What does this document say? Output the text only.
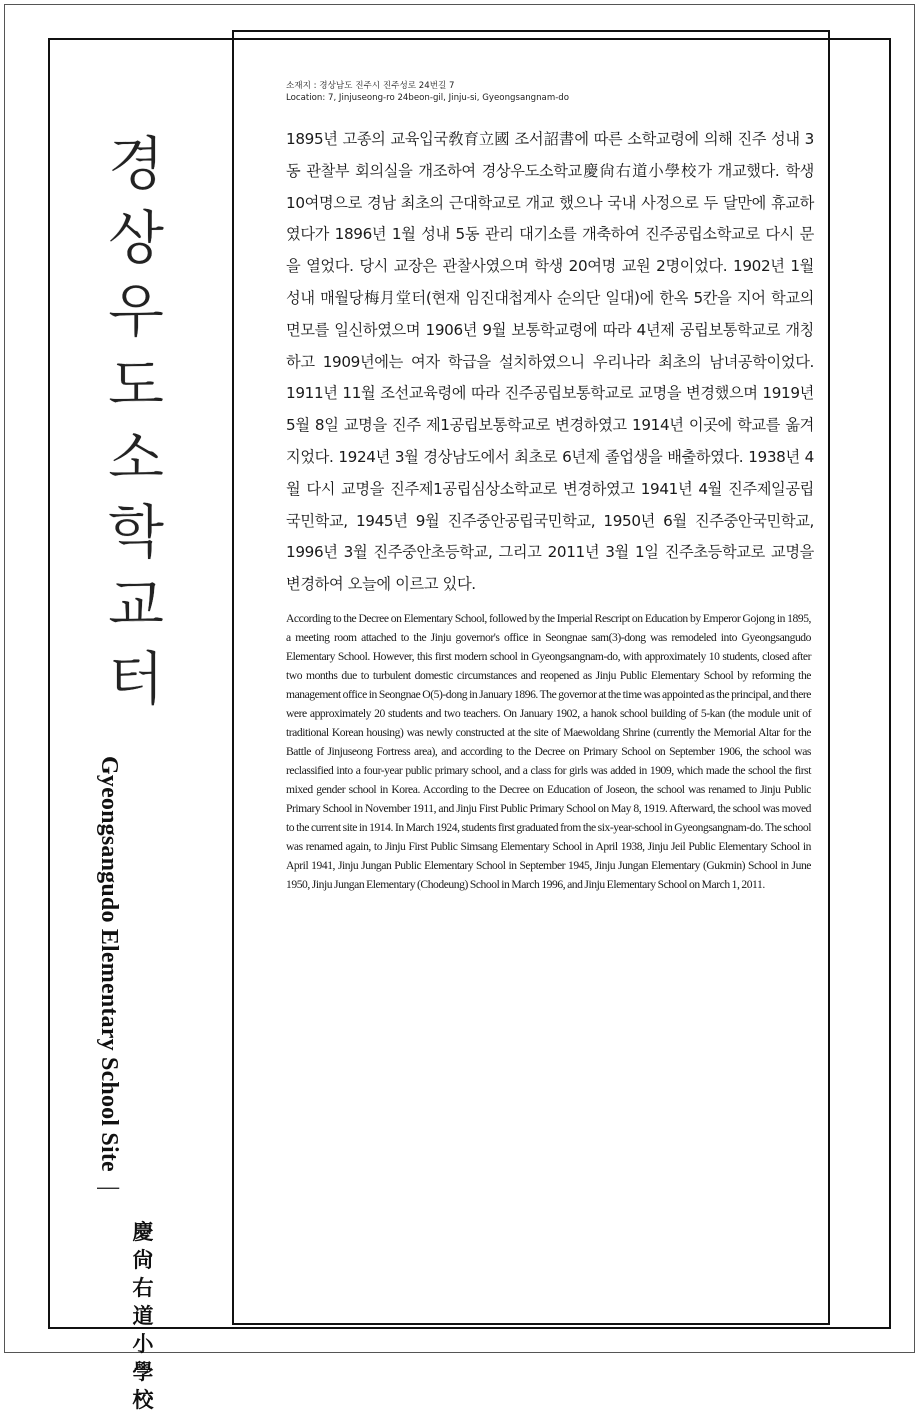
경
상
우
도
소
학
교
터
Gyeongsangudo Elementary School Site|
慶
尙
右
道
小
學
校
소재지 : 경상남도 진주시 진주성로 24번길 7
Location: 7, Jinjuseong-ro 24beon-gil, Jinju-si, Gyeongsangnam-do

1895년 고종의 교육입국敎育立國 조서詔書에 따른 소학교령에 의해 진주 성내 3동 관찰부 회의실을 개조하여 경상우도소학교慶尙右道小學校가 개교했다. 학생 10여명으로 경남 최초의 근대학교로 개교 했으나 국내 사정으로 두 달만에 휴교하였다가 1896년 1월 성내 5동 관리 대기소를 개축하여 진주공립소학교로 다시 문을 열었다. 당시 교장은 관찰사였으며 학생 20여명 교원 2명이었다. 1902년 1월 성내 매월당梅月堂터(현재 임진대첩계사 순의단 일대)에 한옥 5칸을 지어 학교의 면모를 일신하였으며 1906년 9월 보통학교령에 따라 4년제 공립보통학교로 개칭하고 1909년에는 여자 학급을 설치하였으니 우리나라 최초의 남녀공학이었다. 1911년 11월 조선교육령에 따라 진주공립보통학교로 교명을 변경했으며 1919년 5월 8일 교명을 진주 제1공립보통학교로 변경하였고 1914년 이곳에 학교를 옮겨지었다. 1924년 3월 경상남도에서 최초로 6년제 졸업생을 배출하였다. 1938년 4월 다시 교명을 진주제1공립심상소학교로 변경하였고 1941년 4월 진주제일공립국민학교, 1945년 9월 진주중안공립국민학교, 1950년 6월 진주중안국민학교, 1996년 3월 진주중안초등학교, 그리고 2011년 3월 1일 진주초등학교로 교명을 변경하여 오늘에 이르고 있다.

According to the Decree on Elementary School, followed by the Imperial Rescript on Education by Emperor Gojong in 1895, a meeting room attached to the Jinju governor's office in Seongnae sam(3)-dong was remodeled into Gyeongsangudo Elementary School. However, this first modern school in Gyeongsangnam-do, with approximately 10 students, closed after two months due to turbulent domestic circumstances and reopened as Jinju Public Elementary School by reforming the management office in Seongnae O(5)-dong in January 1896. The governor at the time was appointed as the principal, and there were approximately 20 students and two teachers. On January 1902, a hanok school building of 5-kan (the module unit of traditional Korean housing) was newly constructed at the site of Maewoldang Shrine (currently the Memorial Altar for the Battle of Jinjuseong Fortress area), and according to the Decree on Primary School on September 1906, the school was reclassified into a four-year public primary school, and a class for girls was added in 1909, which made the school the first mixed gender school in Korea. According to the Decree on Education of Joseon, the school was renamed to Jinju Public Primary School in November 1911, and Jinju First Public Primary School on May 8, 1919. Afterward, the school was moved to the current site in 1914. In March 1924, students first graduated from the six-year-school in Gyeongsangnam-do. The school was renamed again, to Jinju First Public Simsang Elementary School in April 1938, Jinju Jeil Public Elementary School in April 1941, Jinju Jungan Public Elementary School in September 1945, Jinju Jungan Elementary (Gukmin) School in June 1950, Jinju Jungan Elementary (Chodeung) School in March 1996, and Jinju Elementary School on March 1, 2011.
